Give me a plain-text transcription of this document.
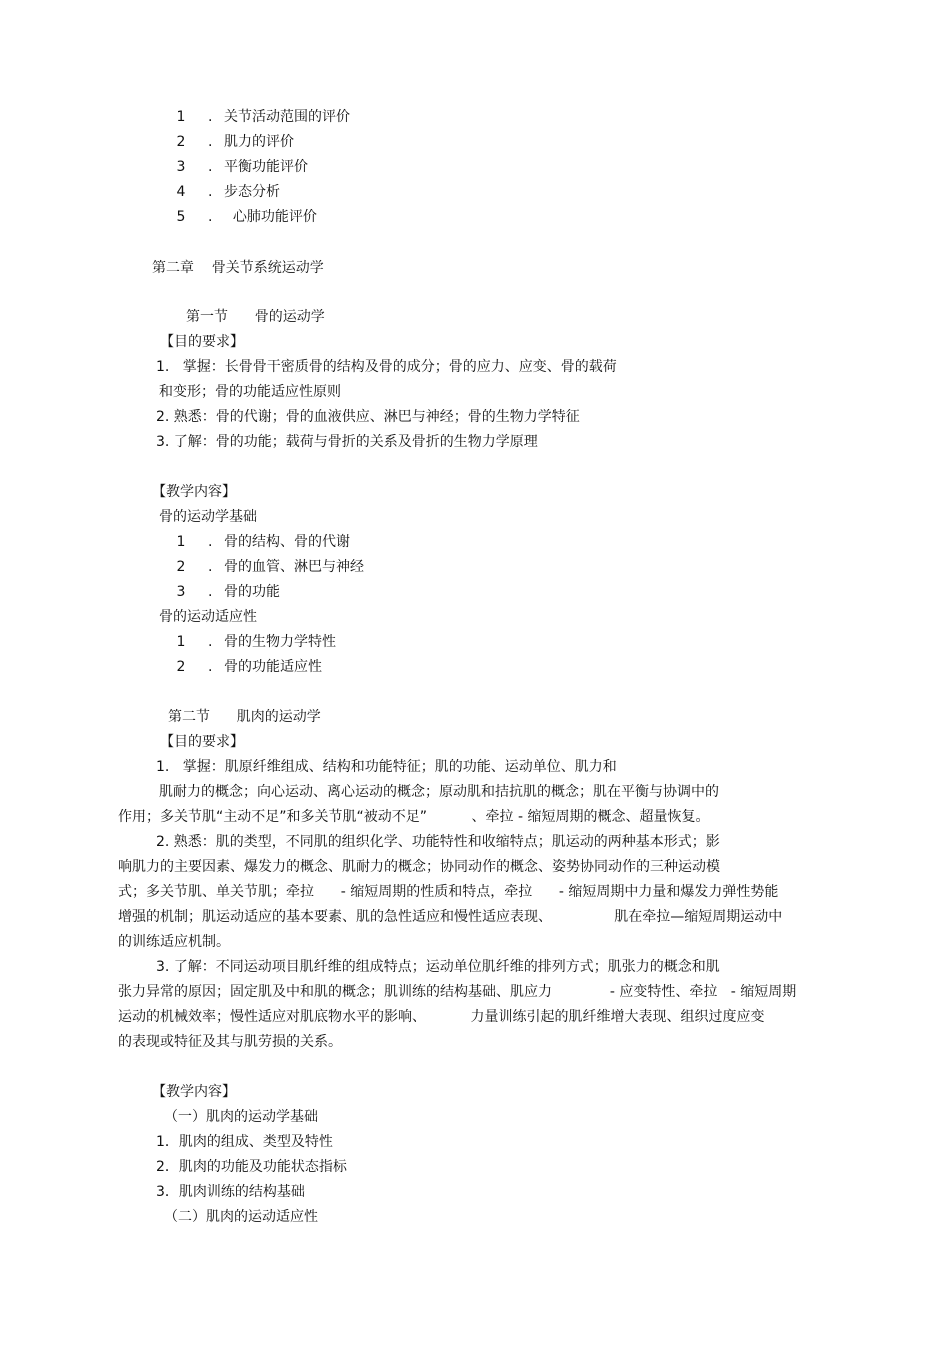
1	. 关节活动范围的评价
2	. 肌力的评价
3	. 平衡功能评价
4	. 步态分析
5	. 心肺功能评价
第二章    骨关节系统运动学
第一节      骨的运动学
【目的要求】
1.   掌握：长骨骨干密质骨的结构及骨的成分；骨的应力、应变、骨的载荷
和变形；骨的功能适应性原则
2. 熟悉：骨的代谢；骨的血液供应、淋巴与神经；骨的生物力学特征
3. 了解：骨的功能；载荷与骨折的关系及骨折的生物力学原理
【教学内容】
骨的运动学基础
1	. 骨的结构、骨的代谢
2	. 骨的血管、淋巴与神经
3	. 骨的功能
骨的运动适应性
1	. 骨的生物力学特性
2	. 骨的功能适应性
第二节      肌肉的运动学
【目的要求】
1.   掌握：肌原纤维组成、结构和功能特征；肌的功能、运动单位、肌力和
肌耐力的概念；向心运动、离心运动的概念；原动肌和拮抗肌的概念；肌在平衡与协调中的
作用；多关节肌“主动不足”和多关节肌“被动不足”          、牵拉 - 缩短周期的概念、超量恢复。
2. 熟悉：肌的类型，不同肌的组织化学、功能特性和收缩特点；肌运动的两种基本形式；影
响肌力的主要因素、爆发力的概念、肌耐力的概念；协同动作的概念、姿势协同动作的三种运动模
式；多关节肌、单关节肌；牵拉      - 缩短周期的性质和特点，牵拉      - 缩短周期中力量和爆发力弹性势能
增强的机制；肌运动适应的基本要素、肌的急性适应和慢性适应表现、              肌在牵拉—缩短周期运动中
的训练适应机制。
3. 了解：不同运动项目肌纤维的组成特点；运动单位肌纤维的排列方式；肌张力的概念和肌
张力异常的原因；固定肌及中和肌的概念；肌训练的结构基础、肌应力             - 应变特性、牵拉   - 缩短周期
运动的机械效率；慢性适应对肌底物水平的影响、          力量训练引起的肌纤维增大表现、组织过度应变
的表现或特征及其与肌劳损的关系。
【教学内容】
（一）肌肉的运动学基础
1．肌肉的组成、类型及特性
2．肌肉的功能及功能状态指标
3．肌肉训练的结构基础
（二）肌肉的运动适应性
